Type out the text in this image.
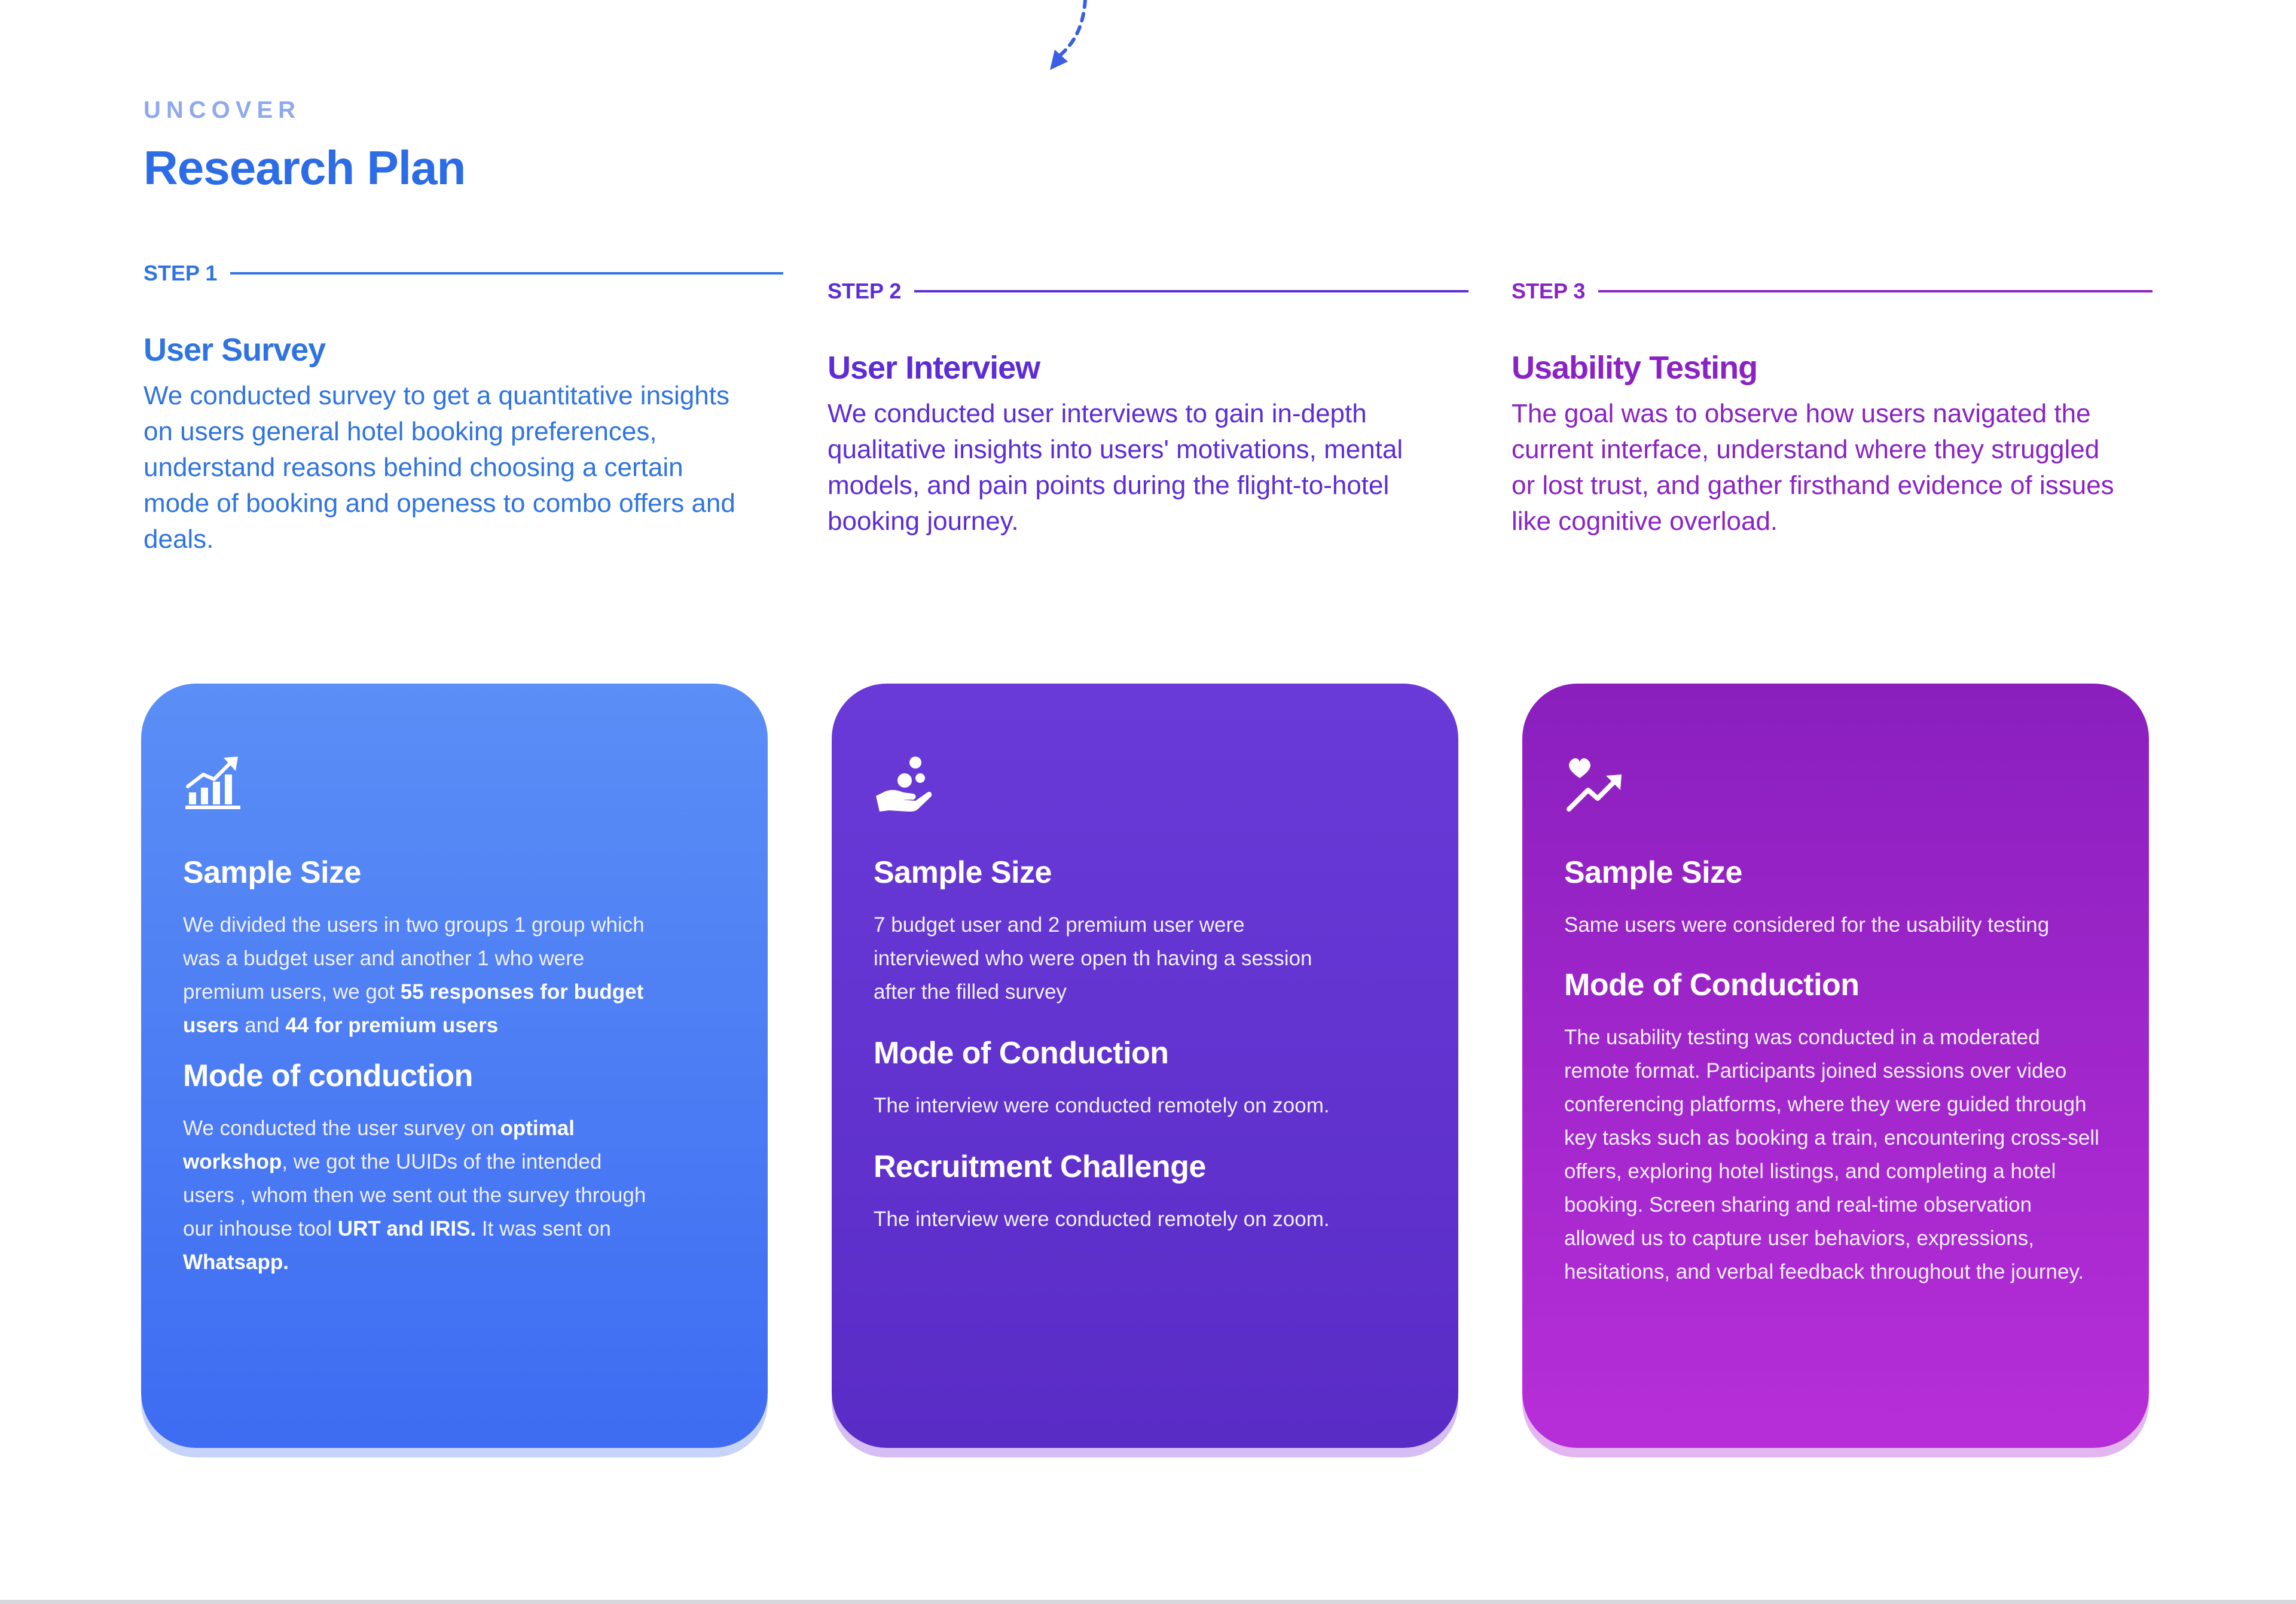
UNCOVER
Research Plan
STEP 1
User Survey

We conducted survey to get a quantitative insights on users general hotel booking preferences, understand reasons behind choosing a certain mode of booking and openess to combo offers and deals.

STEP 2
User Interview

We conducted user interviews to gain in-depth qualitative insights into users' motivations, mental models, and pain points during the flight-to-hotel booking journey.

STEP 3
Usability Testing

The goal was to observe how users navigated the current interface, understand where they struggled or lost trust, and gather firsthand evidence of issues like cognitive overload.

Sample Size

We divided the users in two groups 1 group which was a budget user and another 1 who were premium users, we got 55 responses for budget users and 44 for premium users

Mode of conduction

We conducted the user survey on optimal workshop, we got the UUIDs of the intended users , whom then we sent out the survey through our inhouse tool URT and IRIS. It was sent on Whatsapp.

Sample Size

7 budget user and 2 premium user were interviewed who were open th having a session after the filled survey

Mode of Conduction

The interview were conducted remotely on zoom.

Recruitment Challenge

The interview were conducted remotely on zoom.

Sample Size

Same users were considered for the usability testing

Mode of Conduction

The usability testing was conducted in a moderated remote format. Participants joined sessions over video conferencing platforms, where they were guided through key tasks such as booking a train, encountering cross-sell offers, exploring hotel listings, and completing a hotel booking. Screen sharing and real-time observation allowed us to capture user behaviors, expressions, hesitations, and verbal feedback throughout the journey.
